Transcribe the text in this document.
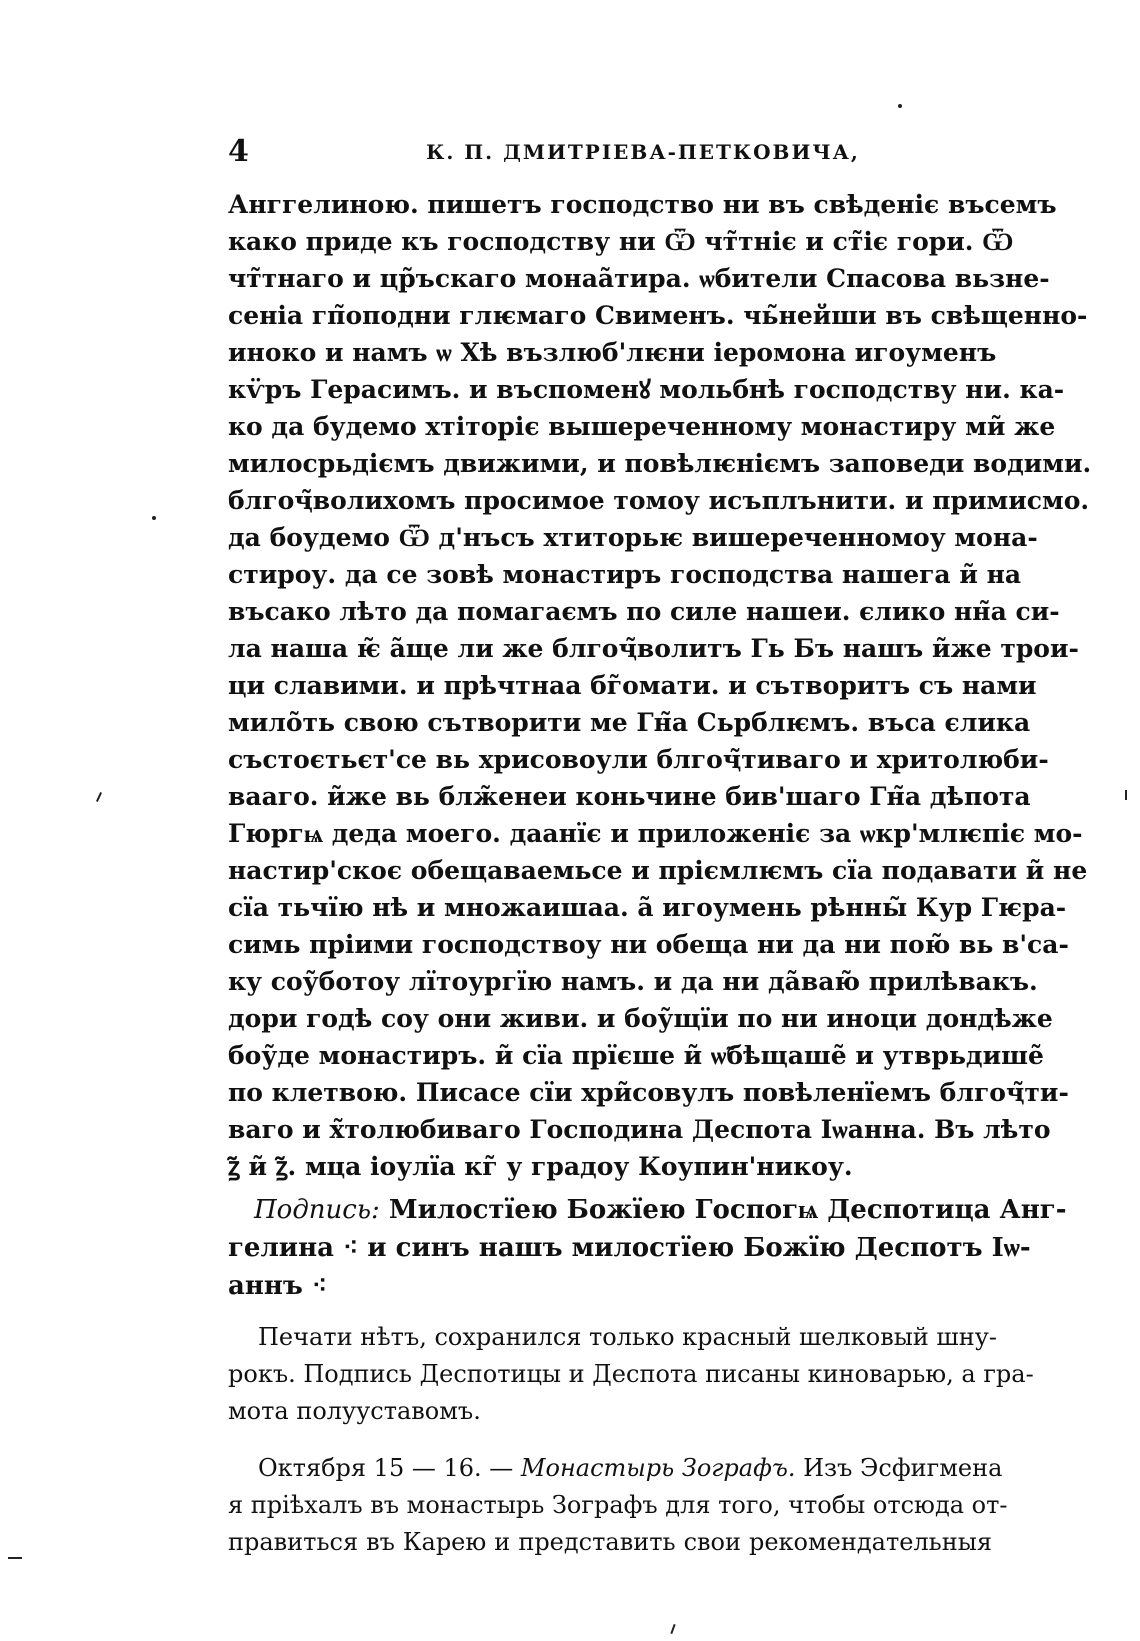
4	К. П. ДМИТРІЕВА-ПЕТКОВИЧА,
Анггелиною. пишетъ господство ни въ свѣденіє въсемъ
како приде къ господству ни Ѿ чт̃тніє и ст̃іє гори. Ѿ
чт̃тнаго и цр̃ъскаго монаа̃тира. ѡбители Спасова вьзне-
сеніа гп̃оподни глѥмаго Свименъ. чь̃нейши въ свѣщенно-
иноко и намъ ѡ Хѣ възлюб'лѥни іеромона игоуменъ
кѵ̈ръ Герасимъ. и въспоменꙋ мольбнѣ господству ни. ка-
ко да будемо хтіторіє вышереченному монастиру ми̃ же
милосрьдіємъ движими, и повѣлѥніємъ заповеди водими.
блгоҷ̃волихомъ просимое томоу исъплънити. и примисмо.
да боудемо Ѿ д'нъсъ хтиторьѥ вишереченномоу мона-
стироу. да се зовѣ монастиръ господства нашега и̃ на
въсако лѣто да помагаємъ по силе нашеи. єлико нн̃а си-
ла наша ѥ̃ а̃ще ли же блгоҷ̃волитъ Гь Бъ нашъ и̃же трои-
ци славими. и прѣчтнаа бг̃омати. и сътворитъ съ нами
мило̃ть свою сътворити ме Гн̃а Сьрблѥмъ. въса єлика
състоєтьєт'се вь хрисовоули блгоҷ̃тиваго и хритолюби-
вааго. и̃же вь блж̃енеи коньчине бив'шаго Гн̃а дѣпота
Гюргѩ деда моего. даанїє и приложеніє за ѡкр'млѥпіє мо-
настир'скоє обещаваемьсе и пріємлѥмъ сїа подавати и̃ не
сїа тьчїю нѣ и множаишаа. а̃ игоумень рѣнны̃ Кур Гѥра-
симь пріими господствоу ни обеща ни да ни пою̃ вь в'са-
ку соу̃ботоу лїтоургїю намъ. и да ни да̃ваю̃ прилѣвакъ.
дори годѣ соу они живи. и боу̃щїи по ни иноци дондѣже
боу̃де монастиръ. и̃ сїа прїєше и̃ ѡ̃бѣщаше̃ и утврьдише̃
по клетвою. Писасе сїи хри̃совулъ повѣленїемъ блгоҷ̃ти-
ваго и х̃толюбиваго Господина Деспота Іѡанна. Въ лѣто
ꙁ̃ и̃ ꙁ̃. мца іоулїа кг̃ у градоу Коупин'никоу.
Подпись: Милостїею Божїею Госпогѩ Деспотица Анг-
гелина ⁖ и синъ нашъ милостїею Божїю Деспотъ Іѡ-
аннъ ⁖
Печати нѣтъ, сохранился только красный шелковый шну-
рокъ. Подпись Деспотицы и Деспота писаны киноварью, а гра-
мота полууставомъ.
Октября 15 — 16. — Монастырь Зографъ. Изъ Эсфигмена
я пріѣхалъ въ монастырь Зографъ для того, чтобы отсюда от-
правиться въ Карею и представить свои рекомендательныя
